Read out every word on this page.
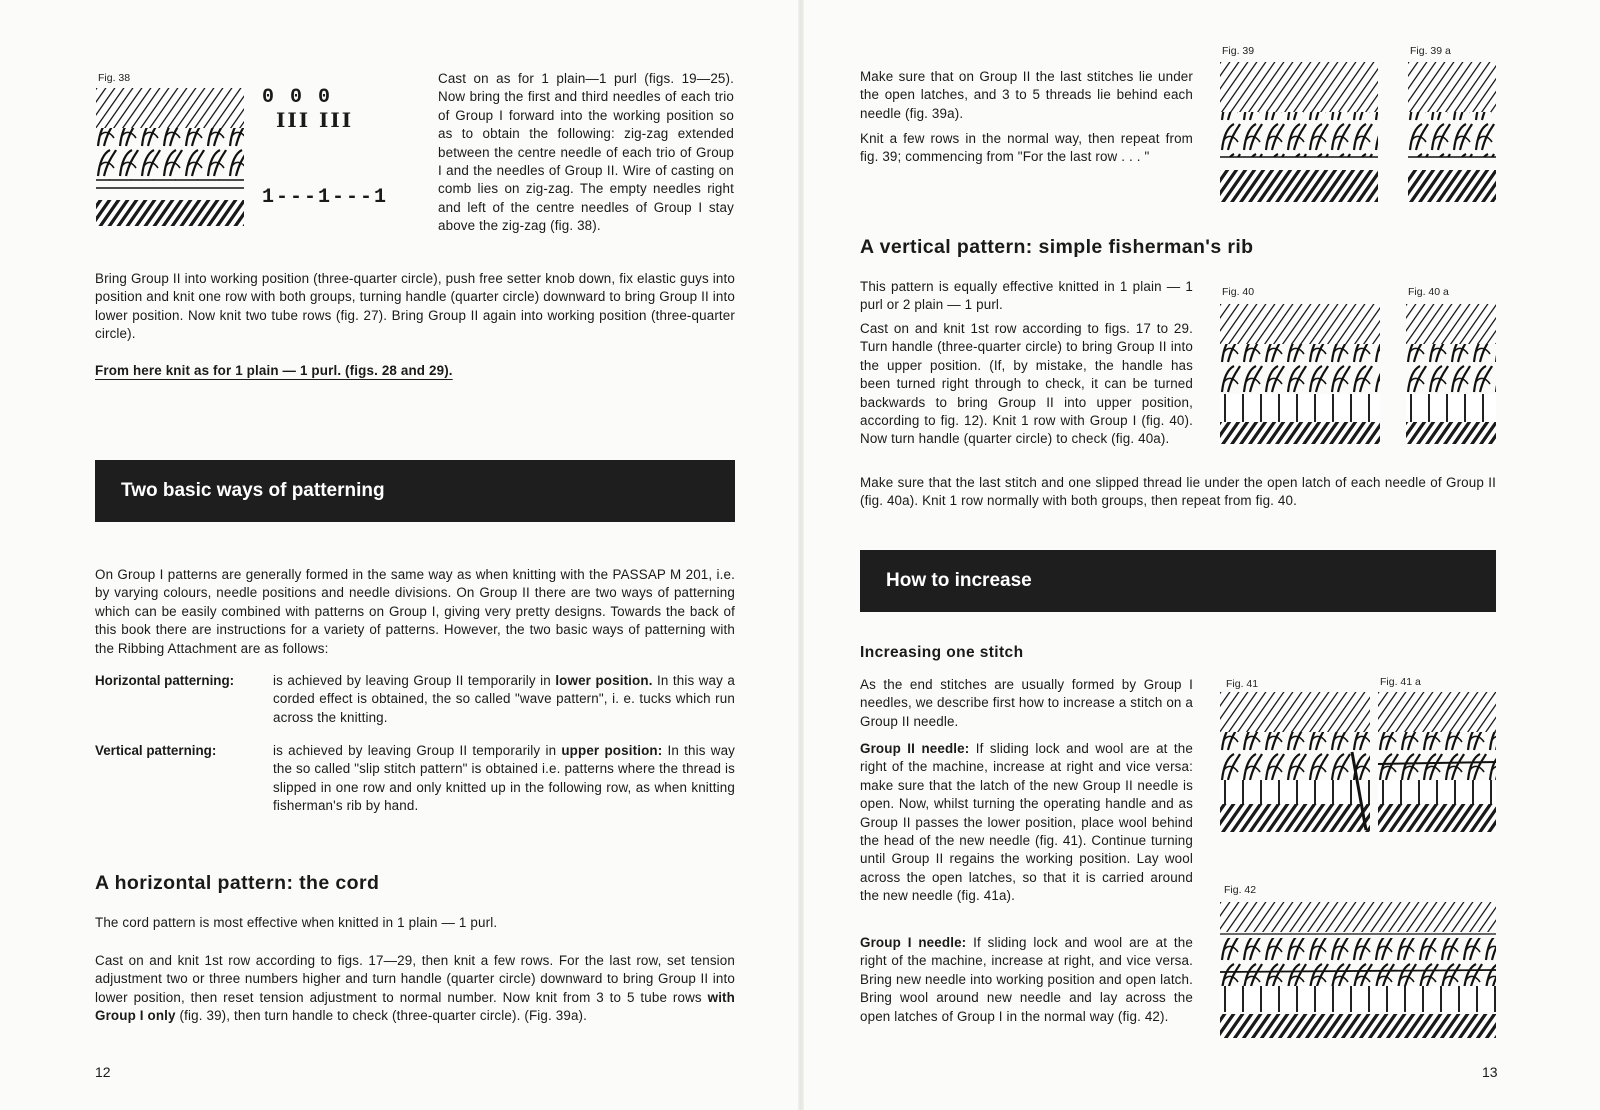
Fig. 38
0 0 0
III III
1---1---1

Cast on as for 1 plain—1 purl (figs. 19—25). Now bring the first and third needles of each trio of Group I forward into the working position so as to obtain the following: zig-zag extended between the centre needle of each trio of Group I and the needles of Group II. Wire of casting on comb lies on zig-zag. The empty needles right and left of the centre needles of Group I stay above the zig-zag (fig. 38).

Bring Group II into working position (three-quarter circle), push free setter knob down, fix elastic guys into position and knit one row with both groups, turning handle (quarter circle) downward to bring Group II into lower position. Now knit two tube rows (fig. 27). Bring Group II again into working position (three-quarter circle).

From here knit as for 1 plain — 1 purl. (figs. 28 and 29).

Two basic ways of patterning

On Group I patterns are generally formed in the same way as when knitting with the PASSAP M 201, i.e. by varying colours, needle positions and needle divisions. On Group II there are two ways of patterning which can be easily combined with patterns on Group I, giving very pretty designs. Towards the back of this book there are instructions for a variety of patterns. However, the two basic ways of patterning with the Ribbing Attachment are as follows:

Horizontal patterning:	is achieved by leaving Group II temporarily in lower position. In this way a corded effect is obtained, the so called "wave pattern", i. e. tucks which run across the knitting.

Vertical patterning:	is achieved by leaving Group II temporarily in upper position: In this way the so called "slip stitch pattern" is obtained i.e. patterns where the thread is slipped in one row and only knitted up in the following row, as when knitting fisherman's rib by hand.

A horizontal pattern: the cord

The cord pattern is most effective when knitted in 1 plain — 1 purl.

Cast on and knit 1st row according to figs. 17—29, then knit a few rows. For the last row, set tension adjustment two or three numbers higher and turn handle (quarter circle) downward to bring Group II into lower position, then reset tension adjustment to normal number. Now knit from 3 to 5 tube rows with Group I only (fig. 39), then turn handle to check (three-quarter circle). (Fig. 39a).

12
Fig. 39	Fig. 39 a

Make sure that on Group II the last stitches lie under the open latches, and 3 to 5 threads lie behind each needle (fig. 39a).

Knit a few rows in the normal way, then repeat from fig. 39; commencing from "For the last row . . . "

A vertical pattern: simple fisherman's rib
Fig. 40	Fig. 40 a

This pattern is equally effective knitted in 1 plain — 1 purl or 2 plain — 1 purl.

Cast on and knit 1st row according to figs. 17 to 29. Turn handle (three-quarter circle) to bring Group II into the upper position. (If, by mistake, the handle has been turned right through to check, it can be turned backwards to bring Group II into upper position, according to fig. 12). Knit 1 row with Group I (fig. 40). Now turn handle (quarter circle) to check (fig. 40a).

Make sure that the last stitch and one slipped thread lie under the open latch of each needle of Group II (fig. 40a). Knit 1 row normally with both groups, then repeat from fig. 40.

How to increase
Increasing one stitch

As the end stitches are usually formed by Group I needles, we describe first how to increase a stitch on a Group II needle.

Group II needle: If sliding lock and wool are at the right of the machine, increase at right and vice versa: make sure that the latch of the new Group II needle is open. Now, whilst turning the operating handle and as Group II passes the lower position, place wool behind the head of the new needle (fig. 41). Continue turning until Group II regains the working position. Lay wool across the open latches, so that it is carried around the new needle (fig. 41a).

Group I needle: If sliding lock and wool are at the right of the machine, increase at right, and vice versa. Bring new needle into working position and open latch. Bring wool around new needle and lay across the open latches of Group I in the normal way (fig. 42).

Fig. 41	Fig. 41 a
Fig. 42
13
